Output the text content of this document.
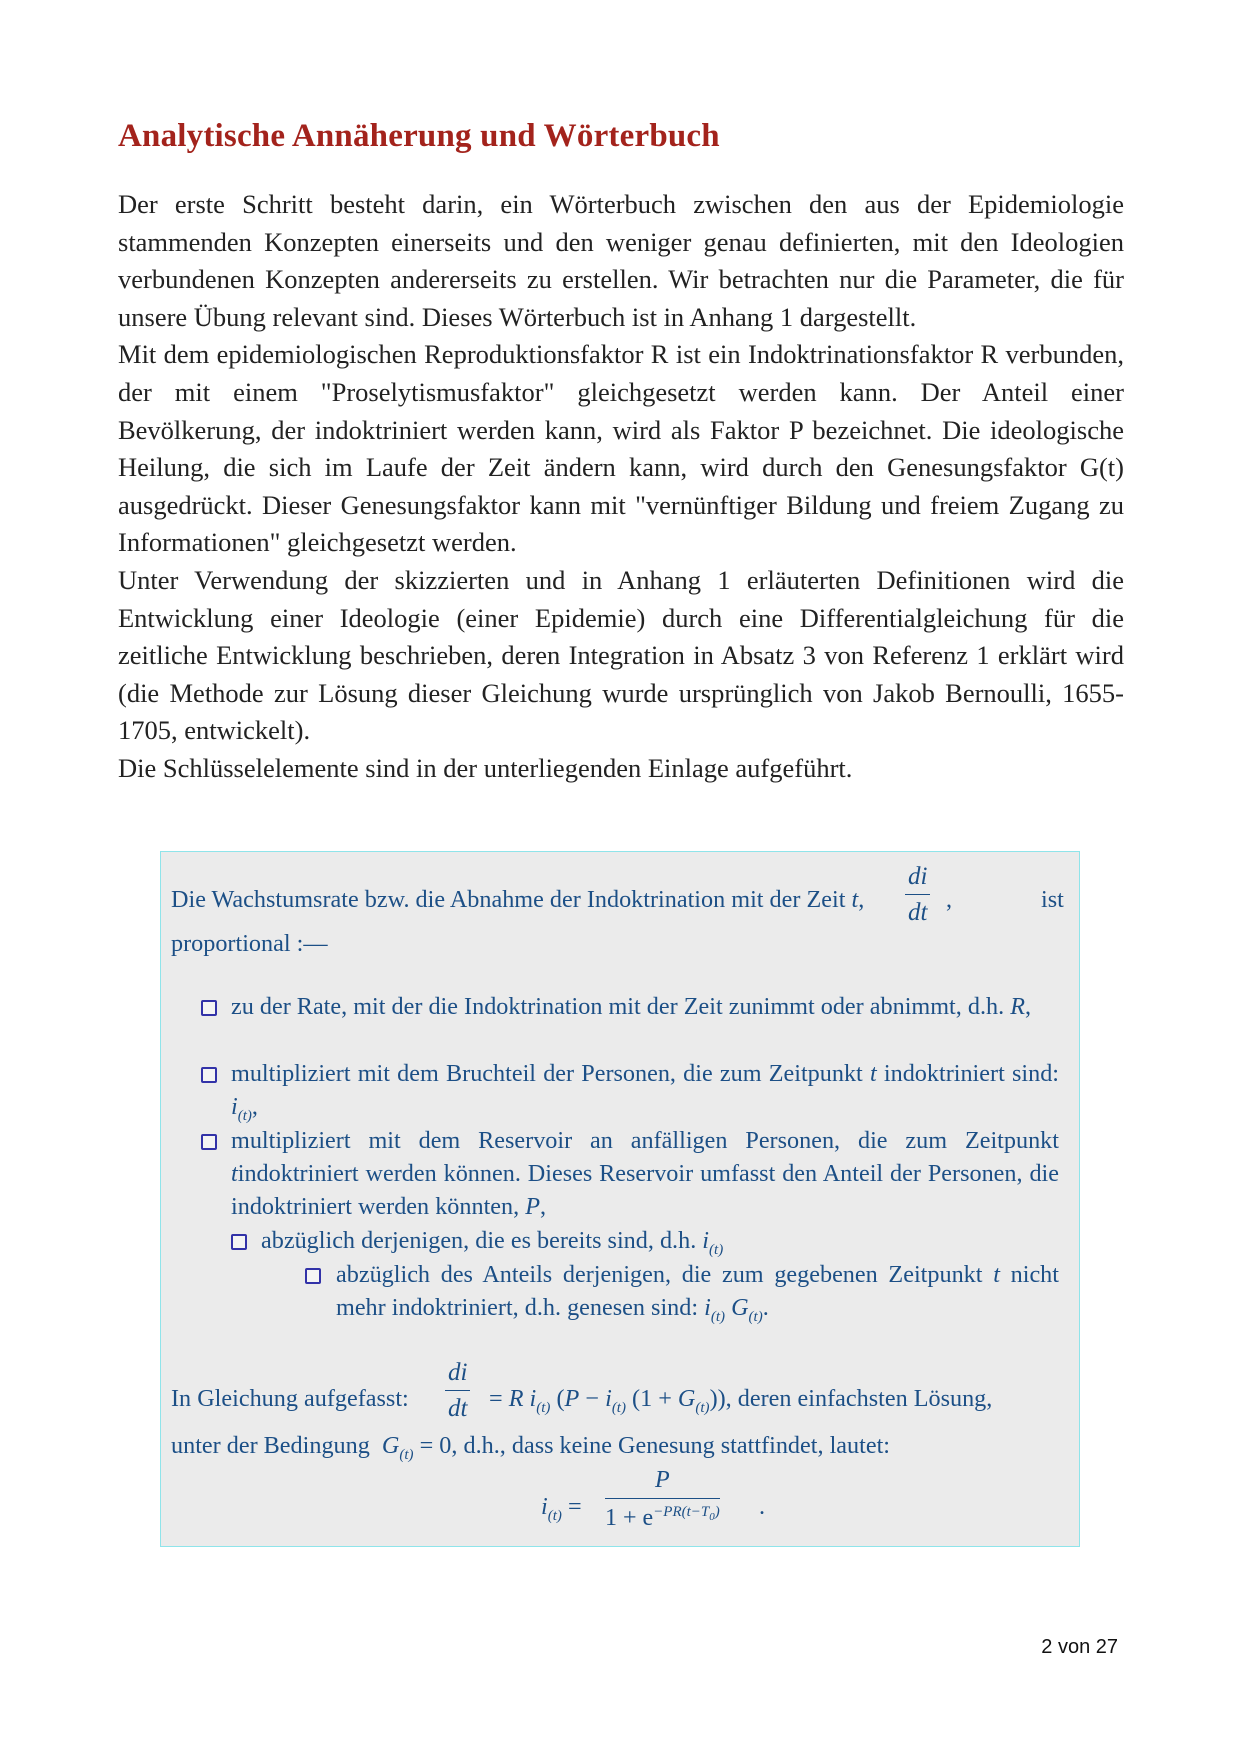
Analytische Annäherung und Wörterbuch

Der erste Schritt besteht darin, ein Wörterbuch zwischen den aus der Epidemiologie stammenden Konzepten einerseits und den weniger genau definierten, mit den Ideologien verbundenen Konzepten andererseits zu erstellen. Wir betrachten nur die Parameter, die für unsere Übung relevant sind. Dieses Wörterbuch ist in Anhang 1 dargestellt.

Mit dem epidemiologischen Reproduktionsfaktor R ist ein Indoktrinationsfaktor R verbunden, der mit einem "Proselytismusfaktor" gleichgesetzt werden kann. Der Anteil einer Bevölkerung, der indoktriniert werden kann, wird als Faktor P bezeichnet. Die ideologische Heilung, die sich im Laufe der Zeit ändern kann, wird durch den Genesungsfaktor G(t) ausgedrückt. Dieser Genesungsfaktor kann mit "vernünftiger Bildung und freiem Zugang zu Informationen" gleichgesetzt werden.

Unter Verwendung der skizzierten und in Anhang 1 erläuterten Definitionen wird die Entwicklung einer Ideologie (einer Epidemie) durch eine Differentialgleichung für die zeitliche Entwicklung beschrieben, deren Integration in Absatz 3 von Referenz 1 erklärt wird (die Methode zur Lösung dieser Gleichung wurde ursprünglich von Jakob Bernoulli, 1655-1705, entwickelt).

Die Schlüsselelemente sind in der unterliegenden Einlage aufgeführt.

Die Wachstumsrate bzw. die Abnahme der Indoktrination mit der Zeit t, $\frac{di}{dt}$ ,	ist
proportional :—
zu der Rate, mit der die Indoktrination mit der Zeit zunimmt oder abnimmt, d.h. R,
multipliziert mit dem Bruchteil der Personen, die zum Zeitpunkt t indoktriniert sind: $i_{(t)}$,
multipliziert mit dem Reservoir an anfälligen Personen, die zum Zeitpunkt tindoktriniert werden können. Dieses Reservoir umfasst den Anteil der Personen, die indoktriniert werden könnten, P,
abzüglich derjenigen, die es bereits sind, d.h. $i_{(t)}$
abzüglich des Anteils derjenigen, die zum gegebenen Zeitpunkt t nicht mehr indoktriniert, d.h. genesen sind: $i_{(t)}$ $G_{(t)}$.
In Gleichung aufgefasst: $\frac{di}{dt} = R$ $i_{(t)}$ ($P - i_{(t)}$ $(1 + G_{(t)})$), deren einfachsten Lösung,
unter der Bedingung $G_{(t)} = 0$, d.h., dass keine Genesung stattfindet, lautet:
$i_{(t)} = \frac{P}{1 + e^{-PR(t-T_0)}}$ .
2 von 27
